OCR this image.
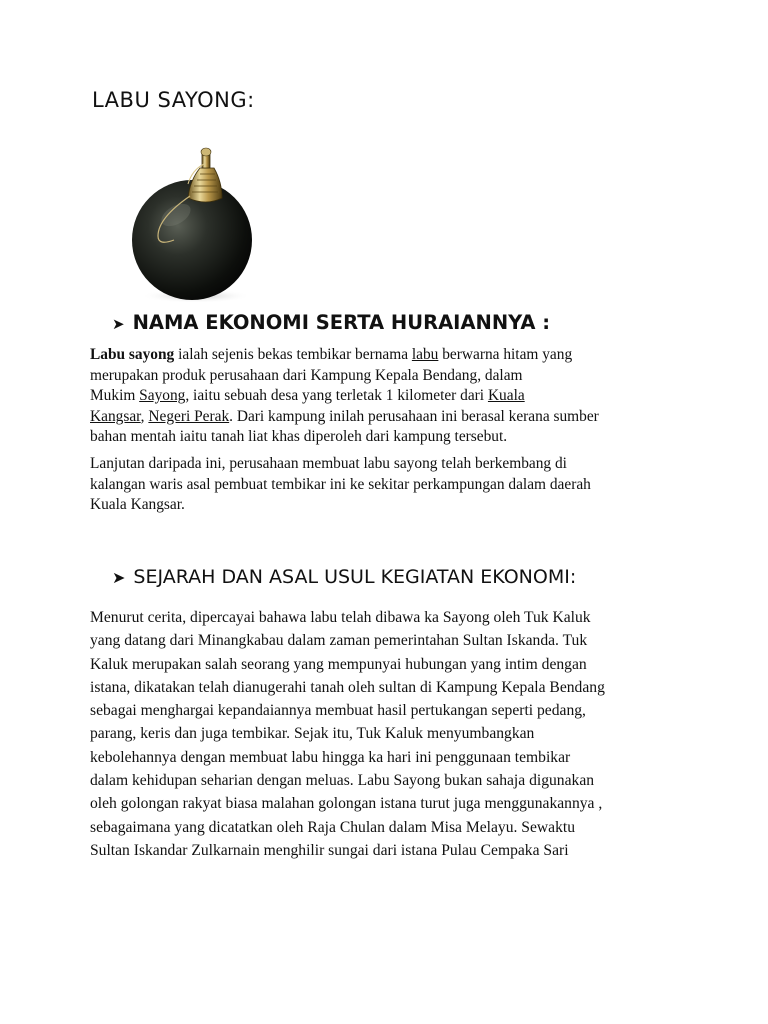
LABU SAYONG:
➤ NAMA EKONOMI SERTA HURAIANNYA :
Labu sayong ialah sejenis bekas tembikar bernama labu berwarna hitam yang
merupakan produk perusahaan dari Kampung Kepala Bendang, dalam
Mukim Sayong, iaitu sebuah desa yang terletak 1 kilometer dari Kuala
Kangsar, Negeri Perak. Dari kampung inilah perusahaan ini berasal kerana sumber
bahan mentah iaitu tanah liat khas diperoleh dari kampung tersebut.
Lanjutan daripada ini, perusahaan membuat labu sayong telah berkembang di
kalangan waris asal pembuat tembikar ini ke sekitar perkampungan dalam daerah
Kuala Kangsar.
➤ SEJARAH DAN ASAL USUL KEGIATAN EKONOMI:
Menurut cerita, dipercayai bahawa labu telah dibawa ka Sayong oleh Tuk Kaluk
yang datang dari Minangkabau dalam zaman pemerintahan Sultan Iskanda. Tuk
Kaluk merupakan salah seorang yang mempunyai hubungan yang intim dengan
istana, dikatakan telah dianugerahi tanah oleh sultan di Kampung Kepala Bendang
sebagai menghargai kepandaiannya membuat hasil pertukangan seperti pedang,
parang, keris dan juga tembikar. Sejak itu, Tuk Kaluk menyumbangkan
kebolehannya dengan membuat labu hingga ka hari ini penggunaan tembikar
dalam kehidupan seharian dengan meluas. Labu Sayong bukan sahaja digunakan
oleh golongan rakyat biasa malahan golongan istana turut juga menggunakannya ,
sebagaimana yang dicatatkan oleh Raja Chulan dalam Misa Melayu. Sewaktu
Sultan Iskandar Zulkarnain menghilir sungai dari istana Pulau Cempaka Sari
